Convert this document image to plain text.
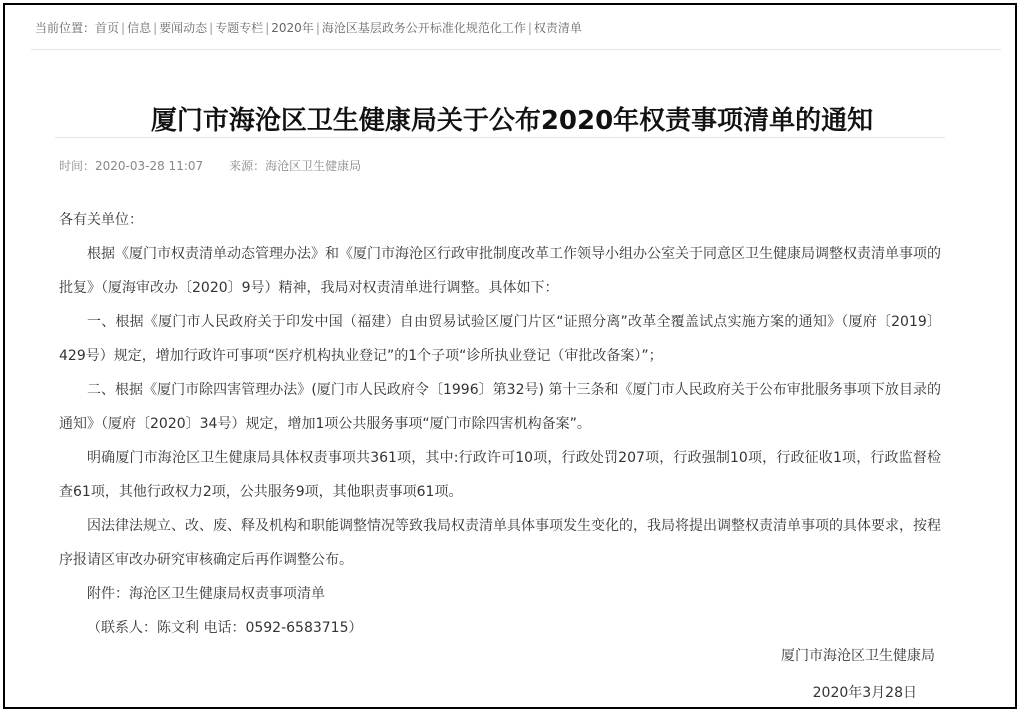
当前位置：首页 | 信息 | 要闻动态 | 专题专栏 | 2020年 | 海沧区基层政务公开标准化规范化工作 | 权责清单
厦门市海沧区卫生健康局关于公布2020年权责事项清单的通知
时间：2020-03-28 11:07 来源：海沧区卫生健康局

各有关单位：

根据《厦门市权责清单动态管理办法》和《厦门市海沧区行政审批制度改革工作领导小组办公室关于同意区卫生健康局调整权责清单事项的批复》（厦海审改办〔2020〕9号）精神，我局对权责清单进行调整。具体如下：

一、根据《厦门市人民政府关于印发中国（福建）自由贸易试验区厦门片区“证照分离”改革全覆盖试点实施方案的通知》（厦府〔2019〕429号）规定，增加行政许可事项“医疗机构执业登记”的1个子项“诊所执业登记（审批改备案）”；

二、根据《厦门市除四害管理办法》(厦门市人民政府令〔1996〕第32号) 第十三条和《厦门市人民政府关于公布审批服务事项下放目录的通知》（厦府〔2020〕34号）规定，增加1项公共服务事项“厦门市除四害机构备案”。

明确厦门市海沧区卫生健康局具体权责事项共361项，其中:行政许可10项，行政处罚207项，行政强制10项，行政征收1项，行政监督检查61项，其他行政权力2项，公共服务9项，其他职责事项61项。

因法律法规立、改、废、释及机构和职能调整情况等致我局权责清单具体事项发生变化的，我局将提出调整权责清单事项的具体要求，按程序报请区审改办研究审核确定后再作调整公布。

附件：海沧区卫生健康局权责事项清单

（联系人：陈文利 电话：0592-6583715）

厦门市海沧区卫生健康局
2020年3月28日
